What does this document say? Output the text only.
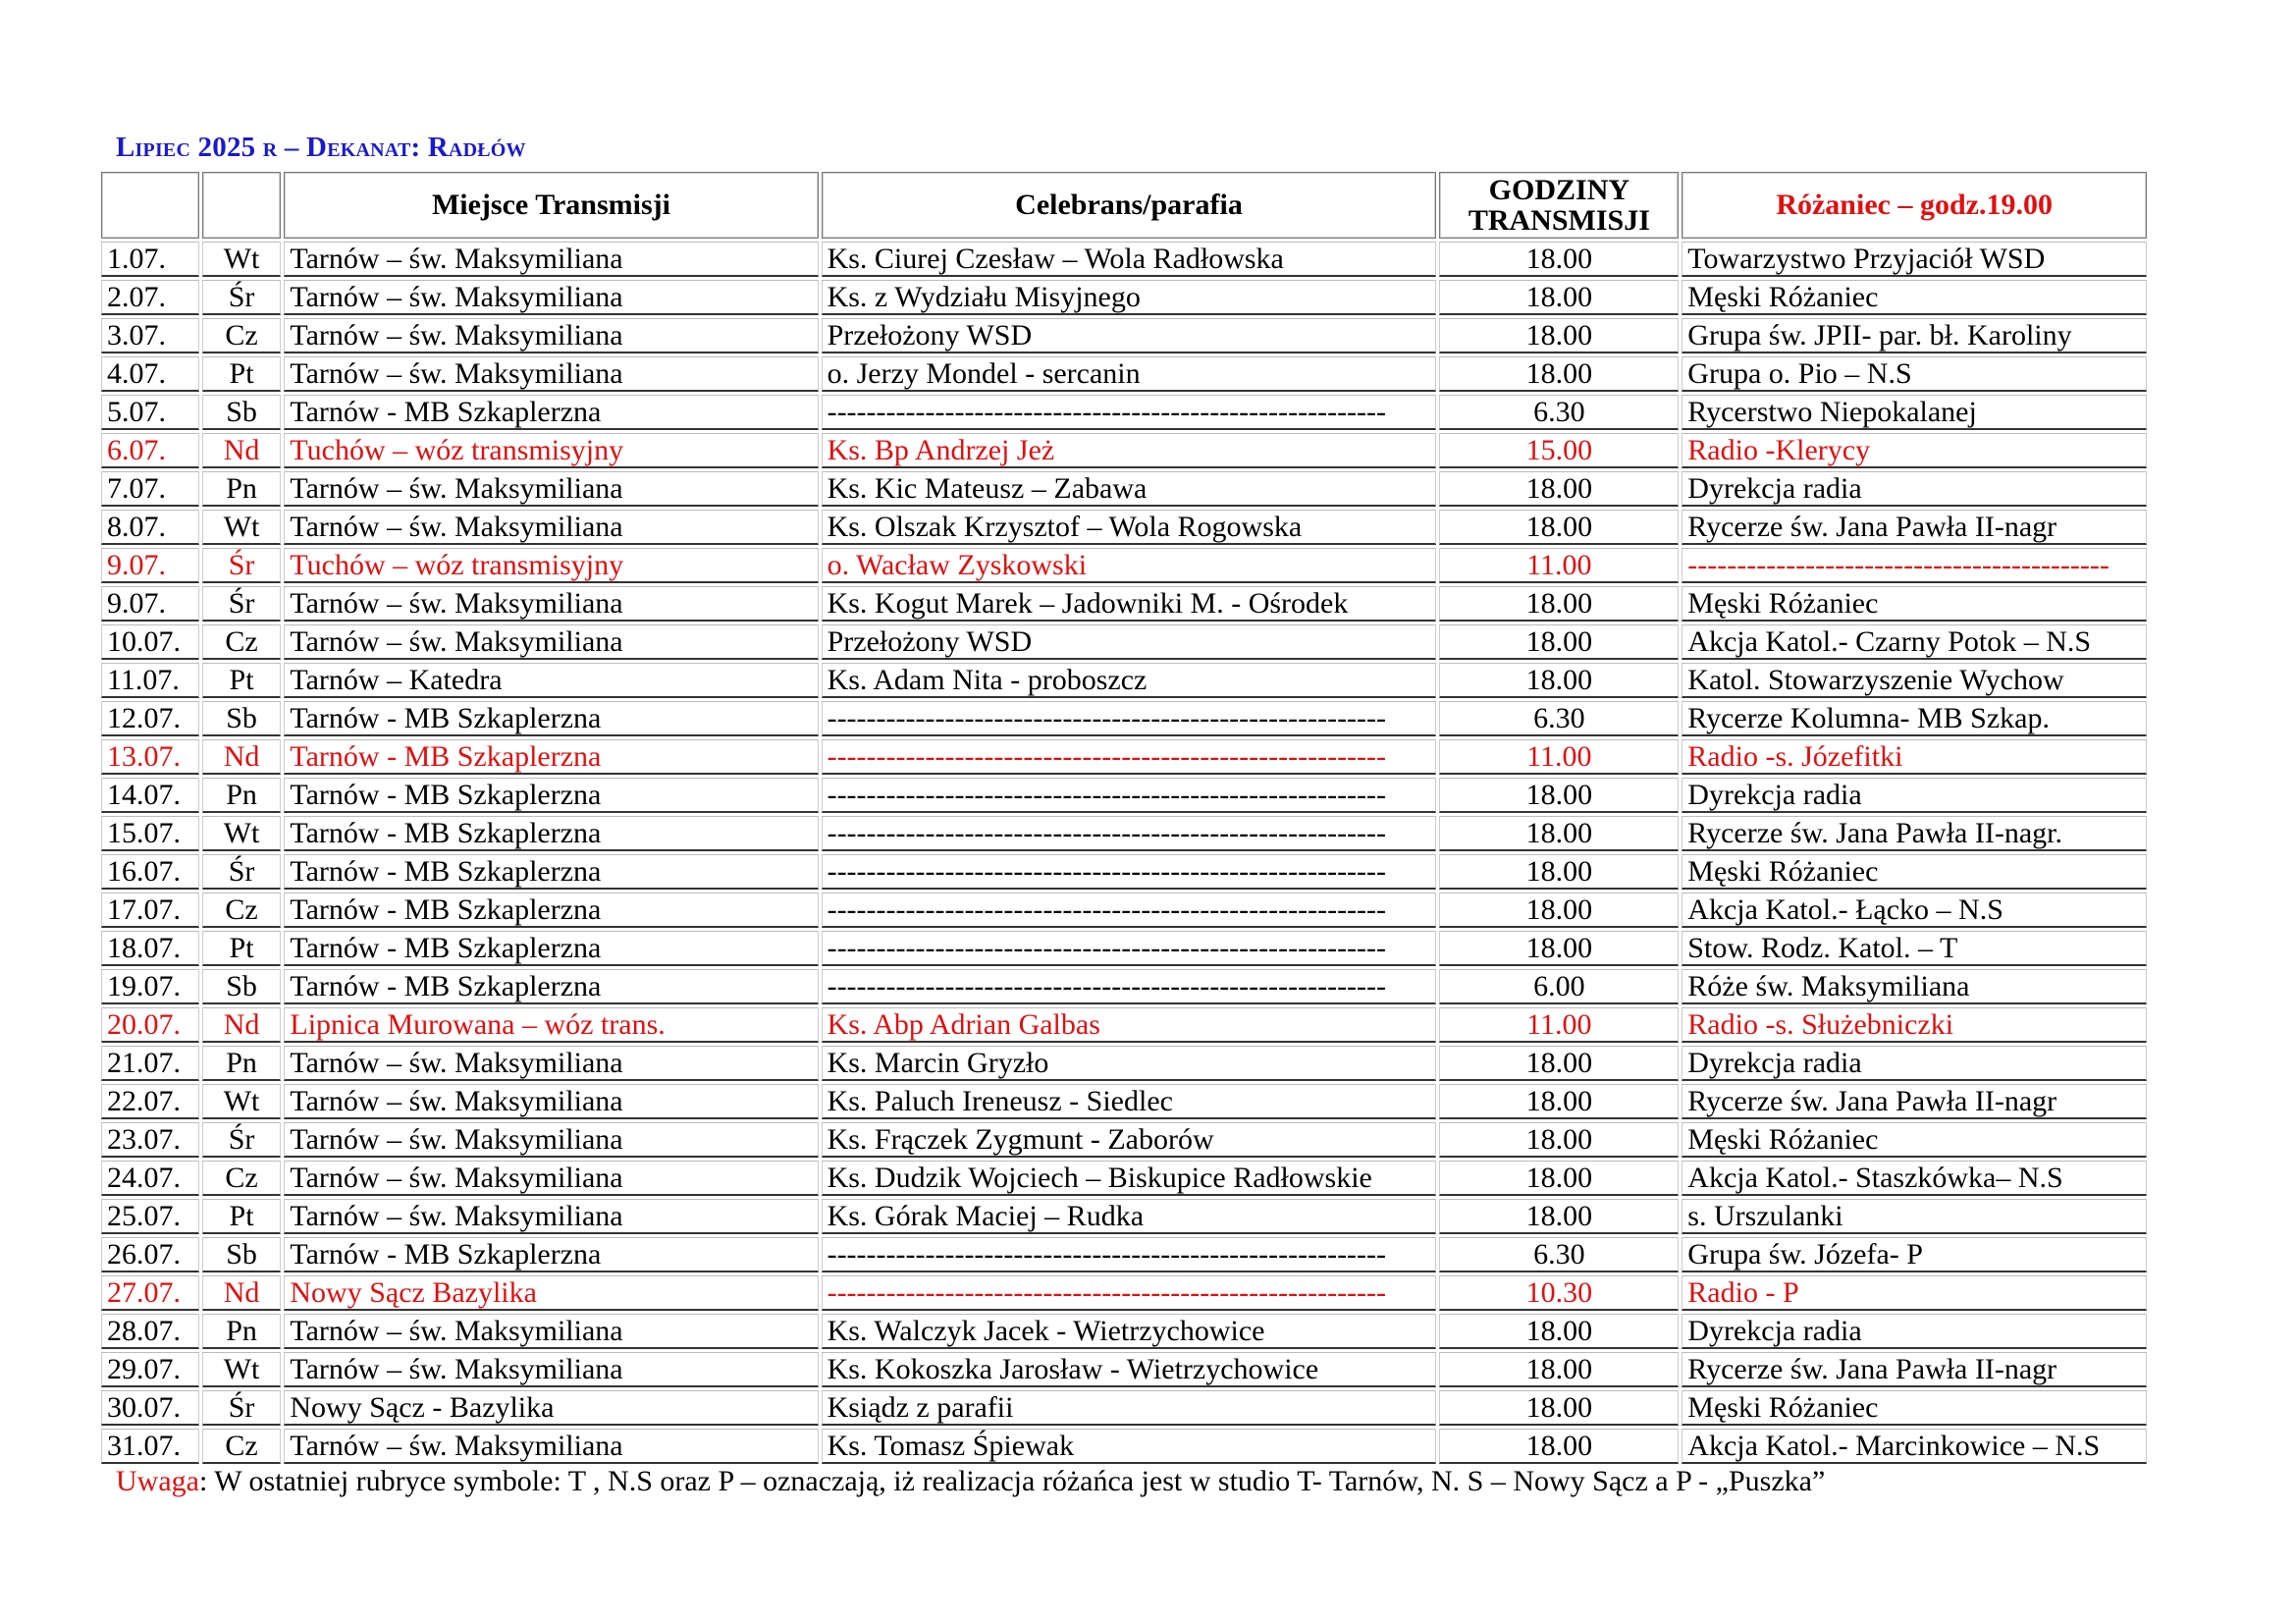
Lipiec 2025 r – Dekanat: Radłów
		Miejsce Transmisji	Celebrans/parafia	GODZINY
TRANSMISJI	Różaniec – godz.19.00
1.07.	Wt	Tarnów – św. Maksymiliana	Ks. Ciurej Czesław – Wola Radłowska	18.00	Towarzystwo Przyjaciół WSD
2.07.	Śr	Tarnów – św. Maksymiliana	Ks. z Wydziału Misyjnego	18.00	Męski Różaniec
3.07.	Cz	Tarnów – św. Maksymiliana	Przełożony WSD	18.00	Grupa św. JPII- par. bł. Karoliny
4.07.	Pt	Tarnów – św. Maksymiliana	o. Jerzy Mondel - sercanin	18.00	Grupa o. Pio – N.S
5.07.	Sb	Tarnów - MB Szkaplerzna	---------------------------------------------------------	6.30	Rycerstwo Niepokalanej
6.07.	Nd	Tuchów – wóz transmisyjny	Ks. Bp Andrzej Jeż	15.00	Radio -Klerycy
7.07.	Pn	Tarnów – św. Maksymiliana	Ks. Kic Mateusz – Zabawa	18.00	Dyrekcja radia
8.07.	Wt	Tarnów – św. Maksymiliana	Ks. Olszak Krzysztof – Wola Rogowska	18.00	Rycerze św. Jana Pawła II-nagr
9.07.	Śr	Tuchów – wóz transmisyjny	o. Wacław Zyskowski	11.00	-------------------------------------------
9.07.	Śr	Tarnów – św. Maksymiliana	Ks. Kogut Marek – Jadowniki M. - Ośrodek	18.00	Męski Różaniec
10.07.	Cz	Tarnów – św. Maksymiliana	Przełożony WSD	18.00	Akcja Katol.- Czarny Potok – N.S
11.07.	Pt	Tarnów – Katedra	Ks. Adam Nita - proboszcz	18.00	Katol. Stowarzyszenie Wychow
12.07.	Sb	Tarnów - MB Szkaplerzna	---------------------------------------------------------	6.30	Rycerze Kolumna- MB Szkap.
13.07.	Nd	Tarnów - MB Szkaplerzna	---------------------------------------------------------	11.00	Radio -s. Józefitki
14.07.	Pn	Tarnów - MB Szkaplerzna	---------------------------------------------------------	18.00	Dyrekcja radia
15.07.	Wt	Tarnów - MB Szkaplerzna	---------------------------------------------------------	18.00	Rycerze św. Jana Pawła II-nagr.
16.07.	Śr	Tarnów - MB Szkaplerzna	---------------------------------------------------------	18.00	Męski Różaniec
17.07.	Cz	Tarnów - MB Szkaplerzna	---------------------------------------------------------	18.00	Akcja Katol.- Łącko – N.S
18.07.	Pt	Tarnów - MB Szkaplerzna	---------------------------------------------------------	18.00	Stow. Rodz. Katol. – T
19.07.	Sb	Tarnów - MB Szkaplerzna	---------------------------------------------------------	6.00	Róże św. Maksymiliana
20.07.	Nd	Lipnica Murowana – wóz trans.	Ks. Abp Adrian Galbas	11.00	Radio -s. Służebniczki
21.07.	Pn	Tarnów – św. Maksymiliana	Ks. Marcin Gryzło	18.00	Dyrekcja radia
22.07.	Wt	Tarnów – św. Maksymiliana	Ks. Paluch Ireneusz - Siedlec	18.00	Rycerze św. Jana Pawła II-nagr
23.07.	Śr	Tarnów – św. Maksymiliana	Ks. Frączek Zygmunt - Zaborów	18.00	Męski Różaniec
24.07.	Cz	Tarnów – św. Maksymiliana	Ks. Dudzik Wojciech – Biskupice Radłowskie	18.00	Akcja Katol.- Staszkówka– N.S
25.07.	Pt	Tarnów – św. Maksymiliana	Ks. Górak Maciej – Rudka	18.00	s. Urszulanki
26.07.	Sb	Tarnów - MB Szkaplerzna	---------------------------------------------------------	6.30	Grupa św. Józefa- P
27.07.	Nd	Nowy Sącz Bazylika	---------------------------------------------------------	10.30	Radio - P
28.07.	Pn	Tarnów – św. Maksymiliana	Ks. Walczyk Jacek - Wietrzychowice	18.00	Dyrekcja radia
29.07.	Wt	Tarnów – św. Maksymiliana	Ks. Kokoszka Jarosław - Wietrzychowice	18.00	Rycerze św. Jana Pawła II-nagr
30.07.	Śr	Nowy Sącz - Bazylika	Ksiądz z parafii	18.00	Męski Różaniec
31.07.	Cz	Tarnów – św. Maksymiliana	Ks. Tomasz Śpiewak	18.00	Akcja Katol.- Marcinkowice – N.S
Uwaga: W ostatniej rubryce symbole: T , N.S oraz P – oznaczają, iż realizacja różańca jest w studio T- Tarnów, N. S – Nowy Sącz a P - „Puszka”
